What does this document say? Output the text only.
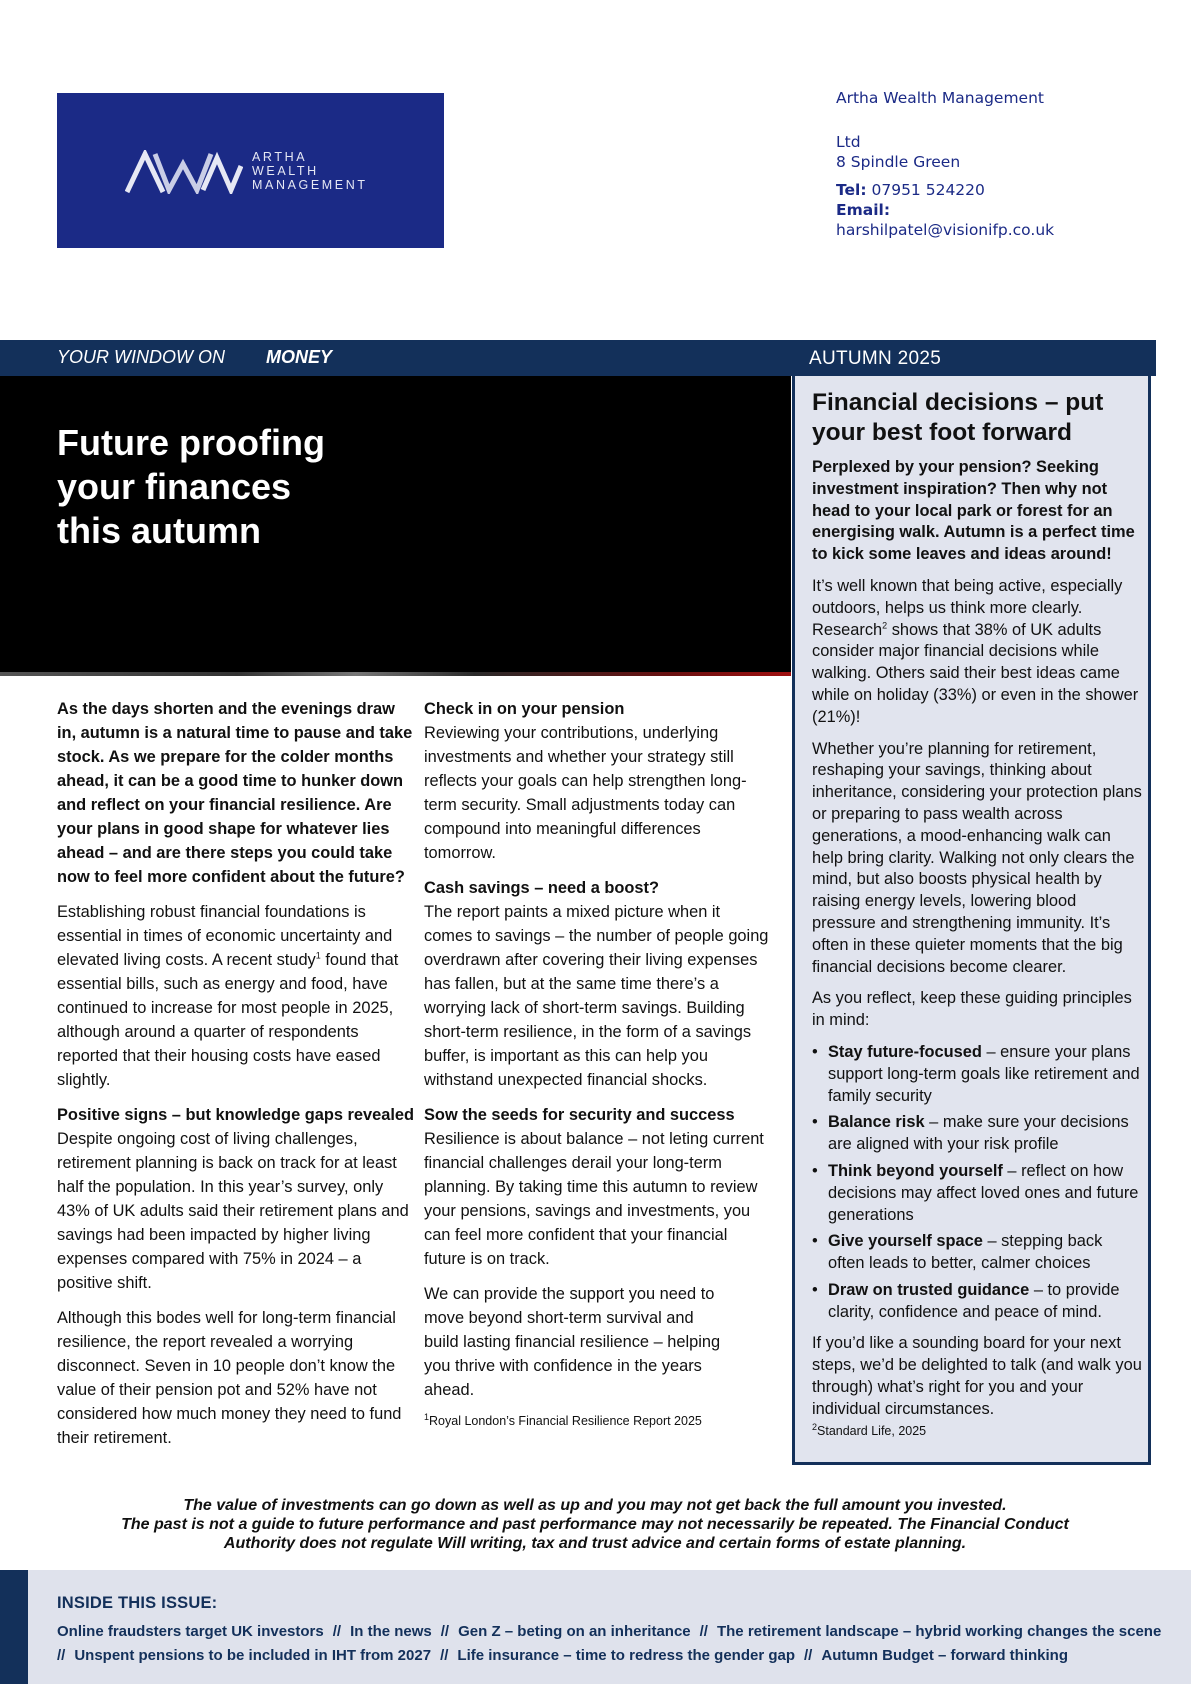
ARTHA
WEALTH
MANAGEMENT
Artha Wealth Management
Ltd
8 Spindle Green
Tel: 07951 524220
Email:
harshilpatel@visionifp.co.uk
YOUR WINDOW ON MONEY	AUTUMN 2025
Future proofing
your finances
this autumn

As the days shorten and the evenings draw in, autumn is a natural time to pause and take stock. As we prepare for the colder months ahead, it can be a good time to hunker down and reflect on your financial resilience. Are your plans in good shape for whatever lies ahead – and are there steps you could take now to feel more confident about the future?

Establishing robust financial foundations is essential in times of economic uncertainty and elevated living costs. A recent study$^1$ found that essential bills, such as energy and food, have continued to increase for most people in 2025, although around a quarter of respondents reported that their housing costs have eased slightly.

Positive signs – but knowledge gaps revealed
Despite ongoing cost of living challenges, retirement planning is back on track for at least half the population. In this year’s survey, only 43% of UK adults said their retirement plans and savings had been impacted by higher living expenses compared with 75% in 2024 – a positive shift.

Although this bodes well for long-term financial resilience, the report revealed a worrying disconnect. Seven in 10 people don’t know the value of their pension pot and 52% have not considered how much money they need to fund their retirement.

Check in on your pension
Reviewing your contributions, underlying investments and whether your strategy still reflects your goals can help strengthen long-term security. Small adjustments today can compound into meaningful differences tomorrow.

Cash savings – need a boost?
The report paints a mixed picture when it comes to savings – the number of people going overdrawn after covering their living expenses has fallen, but at the same time there’s a worrying lack of short-term savings. Building short-term resilience, in the form of a savings buffer, is important as this can help you withstand unexpected financial shocks.

Sow the seeds for security and success
Resilience is about balance – not leting current financial challenges derail your long-term planning. By taking time this autumn to review your pensions, savings and investments, you can feel more confident that your financial future is on track.

We can provide the support you need to move beyond short-term survival and build lasting financial resilience – helping you thrive with confidence in the years ahead.

$^1$Royal London’s Financial Resilience Report 2025
Financial decisions – put your best foot forward

Perplexed by your pension? Seeking investment inspiration? Then why not head to your local park or forest for an energising walk. Autumn is a perfect time to kick some leaves and ideas around!

It’s well known that being active, especially outdoors, helps us think more clearly. Research$^2$ shows that 38% of UK adults consider major financial decisions while walking. Others said their best ideas came while on holiday (33%) or even in the shower (21%)!

Whether you’re planning for retirement, reshaping your savings, thinking about inheritance, considering your protection plans or preparing to pass wealth across generations, a mood-enhancing walk can help bring clarity. Walking not only clears the mind, but also boosts physical health by raising energy levels, lowering blood pressure and strengthening immunity. It’s often in these quieter moments that the big financial decisions become clearer.

As you reflect, keep these guiding principles in mind:

• Stay future-focused – ensure your plans support long-term goals like retirement and family security
• Balance risk – make sure your decisions are aligned with your risk profile
• Think beyond yourself – reflect on how decisions may affect loved ones and future generations
• Give yourself space – stepping back often leads to better, calmer choices
• Draw on trusted guidance – to provide clarity, confidence and peace of mind.

If you’d like a sounding board for your next steps, we’d be delighted to talk (and walk you through) what’s right for you and your individual circumstances.

$^2$Standard Life, 2025
The value of investments can go down as well as up and you may not get back the full amount you invested.
The past is not a guide to future performance and past performance may not necessarily be repeated. The Financial Conduct
Authority does not regulate Will writing, tax and trust advice and certain forms of estate planning.
INSIDE THIS ISSUE:
Online fraudsters target UK investors // In the news // Gen Z – beting on an inheritance // The retirement landscape – hybrid working changes the scene
// Unspent pensions to be included in IHT from 2027 // Life insurance – time to redress the gender gap // Autumn Budget – forward thinking
